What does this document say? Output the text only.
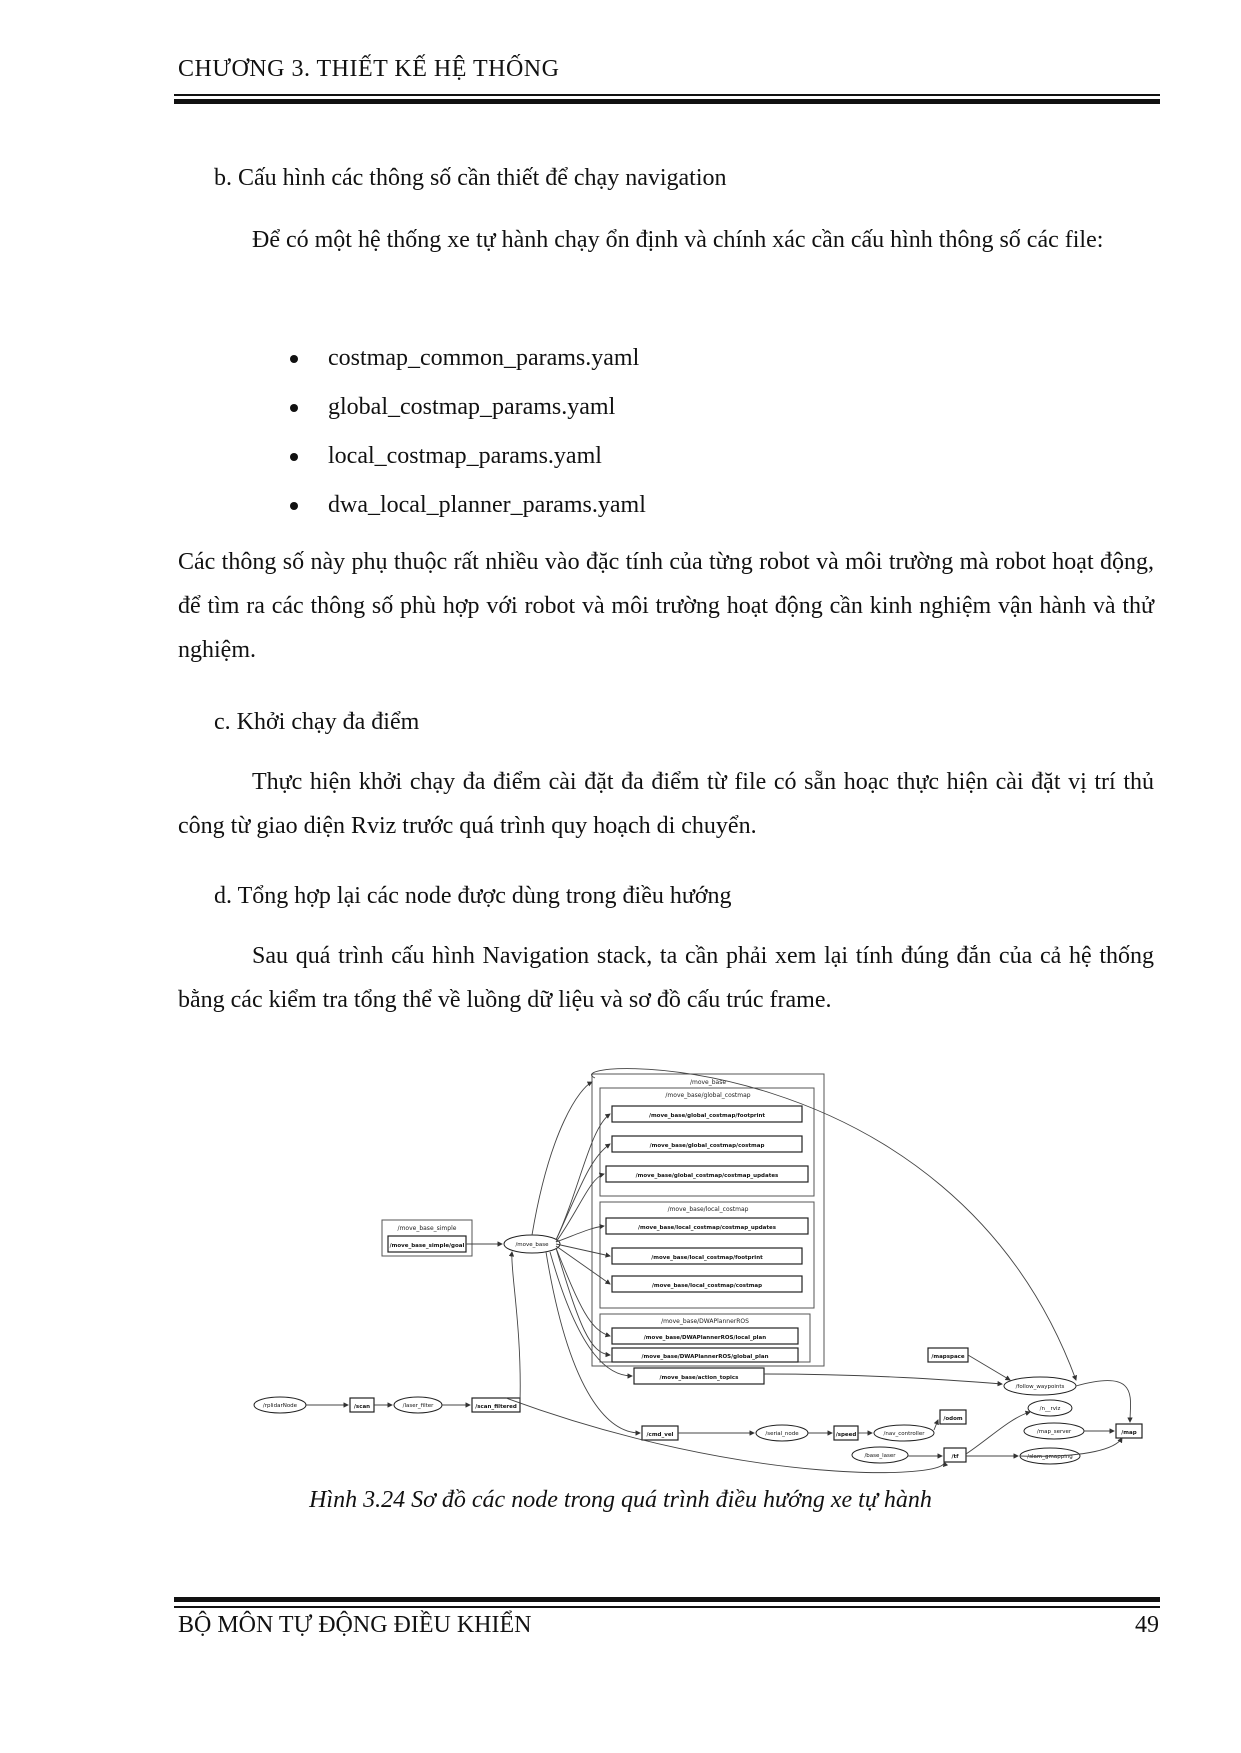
CHƯƠNG 3. THIẾT KẾ HỆ THỐNG
b. Cấu hình các thông số cần thiết để chạy navigation
Để có một hệ thống xe tự hành chạy ổn định và chính xác cần cấu hình thông số các file:
costmap_common_params.yaml
global_costmap_params.yaml
local_costmap_params.yaml
dwa_local_planner_params.yaml
Các thông số này phụ thuộc rất nhiều vào đặc tính của từng robot và môi trường mà robot hoạt động, để tìm ra các thông số phù hợp với robot và môi trường hoạt động cần kinh nghiệm vận hành và thử nghiệm.
c. Khởi chạy đa điểm
Thực hiện khởi chạy đa điểm cài đặt đa điểm từ file có sẵn hoạc thực hiện cài đặt vị trí thủ công từ giao diện Rviz trước quá trình quy hoạch di chuyển.
d. Tổng hợp lại các node được dùng trong điều hướng
Sau quá trình cấu hình Navigation stack, ta cần phải xem lại tính đúng đắn của cả hệ thống bằng các kiểm tra tổng thể về luồng dữ liệu và sơ đồ cấu trúc frame.
/move_base
/move_base/global_costmap
/move_base/local_costmap
/move_base/DWAPlannerROS
/move_base_simple
/move_base/global_costmap/footprint
/move_base/global_costmap/costmap
/move_base/global_costmap/costmap_updates
/move_base/local_costmap/costmap_updates
/move_base/local_costmap/footprint
/move_base/local_costmap/costmap
/move_base/DWAPlannerROS/local_plan
/move_base/DWAPlannerROS/global_plan
/move_base/action_topics
/move_base_simple/goal
/scan	/scan_filtered
/cmd_vel	/speed
/odom
/tf
/map
/mapspace
/move_base
/rplidarNode	/laser_filter
/serial_node	/nav_controller
/base_laser
/follow_waypoints
/n__rviz
/map_server
/slam_gmapping
Hình 3.24 Sơ đồ các node trong quá trình điều hướng xe tự hành
BỘ MÔN TỰ ĐỘNG ĐIỀU KHIỂN	49
